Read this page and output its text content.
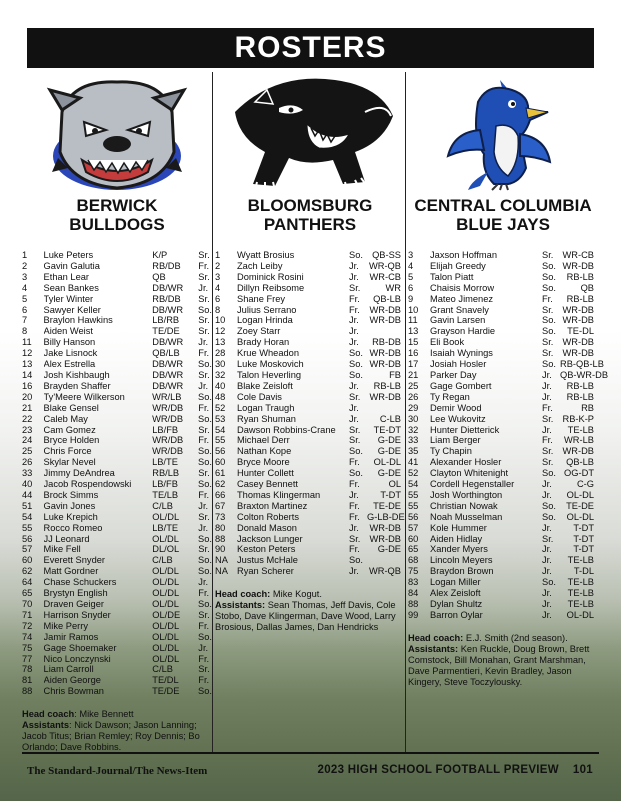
ROSTERS
BERWICK
BULLDOGS
1	Luke Peters	K/P	Sr.
2	Gavin Galutia	RB/DB	Fr.
3	Ethan Lear	QB	Sr.
4	Sean Bankes	DB/WR	Jr.
5	Tyler Winter	RB/DB	Sr.
6	Sawyer Keller	DB/WR	So.
7	Braylon Hawkins	LB/RB	Sr.
8	Aiden Weist	TE/DE	Sr.
11	Billy Hanson	DB/WR	Jr.
12	Jake Lisnock	QB/LB	Fr.
13	Alex Estrella	DB/WR	So.
14	Josh Kishbaugh	DB/WR	Sr.
16	Brayden Shaffer	DB/WR	Jr.
20	Ty'Meere Wilkerson	WR/LB	So.
21	Blake Gensel	WR/DB	Fr.
22	Caleb May	WR/DB	So.
23	Cam Gomez	LB/FB	Sr.
24	Bryce Holden	WR/DB	Fr.
25	Chris Force	WR/DB	So.
26	Skylar Nevel	LB/TE	So.
33	Jimmy DeAndrea	RB/LB	Sr.
40	Jacob Rospendowski	LB/FB	So.
44	Brock Simms	TE/LB	Fr.
51	Gavin Jones	C/LB	Jr.
54	Luke Krepich	OL/DL	Sr.
55	Rocco Romeo	LB/TE	Jr.
56	JJ Leonard	OL/DL	So.
57	Mike Fell	DL/OL	Sr.
60	Everett Snyder	C/LB	So.
62	Matt Gordner	OL/DL	So.
64	Chase Schuckers	OL/DL	Jr.
65	Brystyn English	OL/DL	Fr.
70	Draven Geiger	OL/DL	So.
71	Harrison Snyder	OL/DE	Sr.
72	Mike Perry	OL/DL	Fr.
74	Jamir Ramos	OL/DL	So.
75	Gage Shoemaker	OL/DL	Jr.
77	Nico Lonczynski	OL/DL	Fr.
78	Liam Carroll	C/LB	Sr.
81	Aiden George	TE/DL	Fr.
88	Chris Bowman	TE/DE	So.
Head coach: Mike Bennett
Assistants: Nick Dawson; Jason Lanning; Jacob Titus; Brian Remley; Roy Dennis; Bo Orlando; Dave Robbins.
BLOOMSBURG
PANTHERS
1	Wyatt Brosius	So. QB-SS
2	Zach Leiby	Jr.	WR-QB
3	Dominick Rosini	Jr.	WR-CB
4	Dillyn Reibsome	Sr.	WR
6	Shane Frey	Fr.	QB-LB
8	Julius Serrano	Fr.	WR-DB
10	Logan Hrinda	Jr.	WR-DB
12	Zoey Starr	Jr.
13	Brady Horan	Jr.	RB-DB
28	Krue Wheadon	So. WR-DB
30	Luke Moskovich	So. WR-DB
32	Talon Heverling	So.	FB
40	Blake Zeisloft	Jr.	RB-LB
48	Cole Davis	Sr. WR-DB
52	Logan Traugh	Jr.
53	Ryan Shuman	Jr.	C-LB
54	Dawson Robbins-Crane	Sr.	TE-DT
55	Michael Derr	Sr.	G-DE
56	Nathan Kope	So.	G-DE
60	Bryce Moore	Fr.	OL-DL
61	Hunter Collett	So.	G-DE
62	Casey Bennett	Fr.	OL
66	Thomas Klingerman	Jr.	T-DT
67	Braxton Martinez	Fr.	TE-DE
73	Colton Roberts	Fr. G-LB-DE
80	Donald Mason	Jr.	WR-DB
88	Jackson Lunger	Sr. WR-DB
90	Keston Peters	Fr.	G-DE
NA Justus McHale	So.
NA Ryan Scherer	Jr.	WR-QB
Head coach: Mike Kogut.
Assistants: Sean Thomas, Jeff Davis, Cole Stobo, Dave Klingerman, Dave Wood, Larry Brosious, Dallas James, Dan Hendricks
CENTRAL COLUMBIA
BLUE JAYS
3	Jaxson Hoffman	Sr. WR-CB
4	Elijah Greedy	So. WR-DB
5	Talon Piatt	So.	RB-LB
6	Chaisis Morrow	So.	QB
9	Mateo Jimenez	Fr.	RB-LB
10	Grant Snavely	Sr. WR-DB
11	Gavin Larsen	So. WR-DB
13	Grayson Hardie	So.	TE-DL
15	Eli Book	Sr. WR-DB
16	Isaiah Wynings	Sr. WR-DB
17	Josiah Hosler	So. RB-QB-LB
21	Parker Day	Jr. QB-WR-DB
25	Gage Gombert	Jr.	RB-LB
26	Ty Regan	Jr.	RB-LB
29	Demir Wood	Fr.	RB
30	Lee Wukovitz	Sr. RB-K-P
32	Hunter Dietterick	Jr.	TE-LB
33	Liam Berger	Fr.	WR-LB
35	Ty Chapin	Sr. WR-DB
41	Alexander Hosler	Sr.	QB-LB
52	Clayton Whitenight	So. OG-DT
54	Cordell Hegenstaller	Jr.	C-G
55	Josh Worthington	Jr.	OL-DL
55	Christian Nowak	So.	TE-DE
56	Noah Musselman	So.	OL-DL
57	Kole Hummer	Jr.	T-DT
60	Aiden Hidlay	Sr.	T-DT
65	Xander Myers	Jr.	T-DT
68	Lincoln Meyers	Jr.	TE-LB
75	Braydon Brown	Jr.	T-DL
83	Logan Miller	So.	TE-LB
84	Alex Zeisloft	Jr.	TE-LB
88	Dylan Shultz	Jr.	TE-LB
99	Barron Oylar	Jr.	OL-DL
Head coach: E.J. Smith (2nd season).
Assistants: Ken Ruckle, Doug Brown, Brett Comstock, Bill Monahan, Grant Marshman, Dave Parmentieri, Kevin Bradley, Jason Kingery, Steve Toczylousky.
The Standard-Journal/The News-Item	2023 HIGH SCHOOL FOOTBALL PREVIEW    101
